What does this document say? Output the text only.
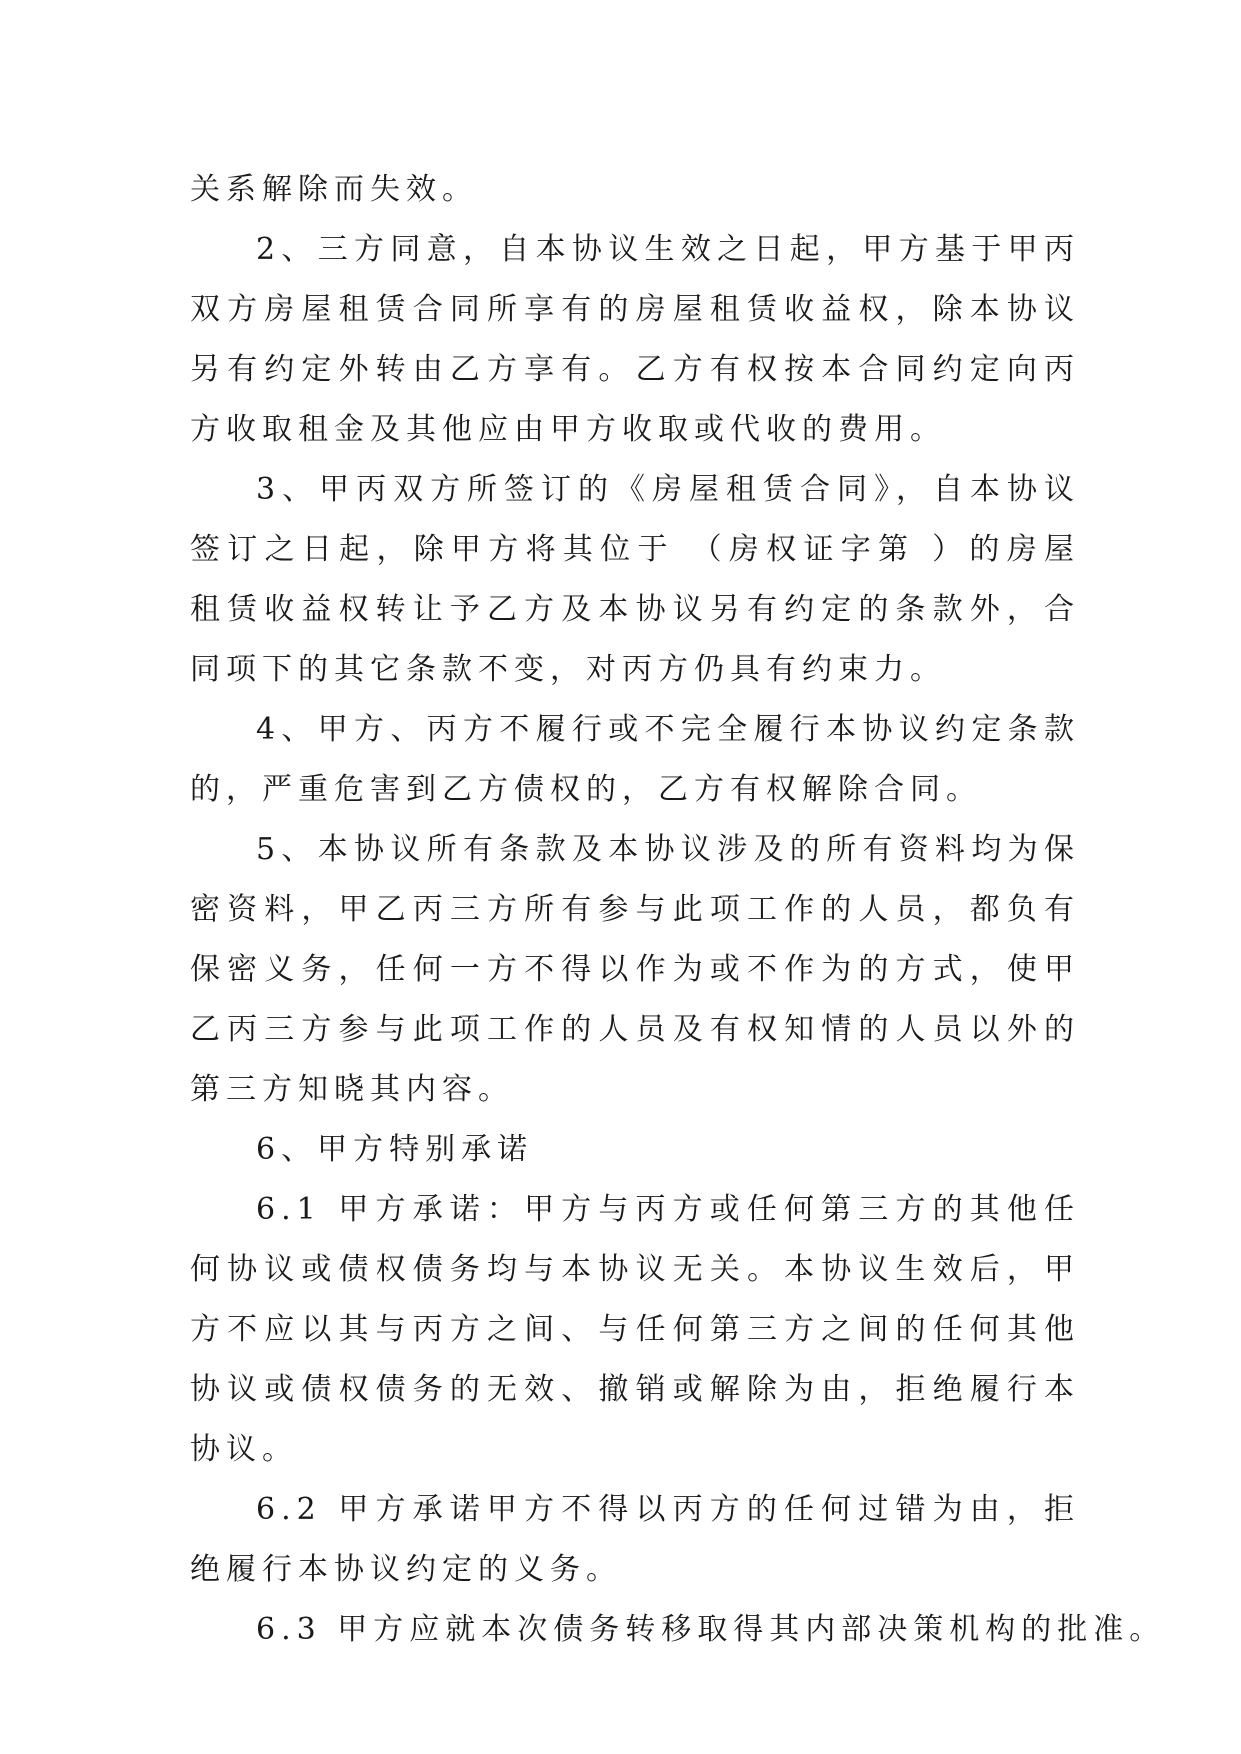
关系解除而失效。

2、三方同意，自本协议生效之日起，甲方基于甲丙双方房屋租赁合同所享有的房屋租赁收益权，除本协议另有约定外转由乙方享有。乙方有权按本合同约定向丙方收取租金及其他应由甲方收取或代收的费用。

3、甲丙双方所签订的《房屋租赁合同》，自本协议签订之日起，除甲方将其位于 （房权证字第 ）的房屋租赁收益权转让予乙方及本协议另有约定的条款外，合同项下的其它条款不变，对丙方仍具有约束力。

4、甲方、丙方不履行或不完全履行本协议约定条款的，严重危害到乙方债权的，乙方有权解除合同。

5、本协议所有条款及本协议涉及的所有资料均为保密资料，甲乙丙三方所有参与此项工作的人员，都负有保密义务，任何一方不得以作为或不作为的方式，使甲乙丙三方参与此项工作的人员及有权知情的人员以外的第三方知晓其内容。

6、甲方特别承诺

6.1 甲方承诺：甲方与丙方或任何第三方的其他任何协议或债权债务均与本协议无关。本协议生效后，甲方不应以其与丙方之间、与任何第三方之间的任何其他协议或债权债务的无效、撤销或解除为由，拒绝履行本协议。

6.2 甲方承诺甲方不得以丙方的任何过错为由，拒绝履行本协议约定的义务。

6.3 甲方应就本次债务转移取得其内部决策机构的批准。
